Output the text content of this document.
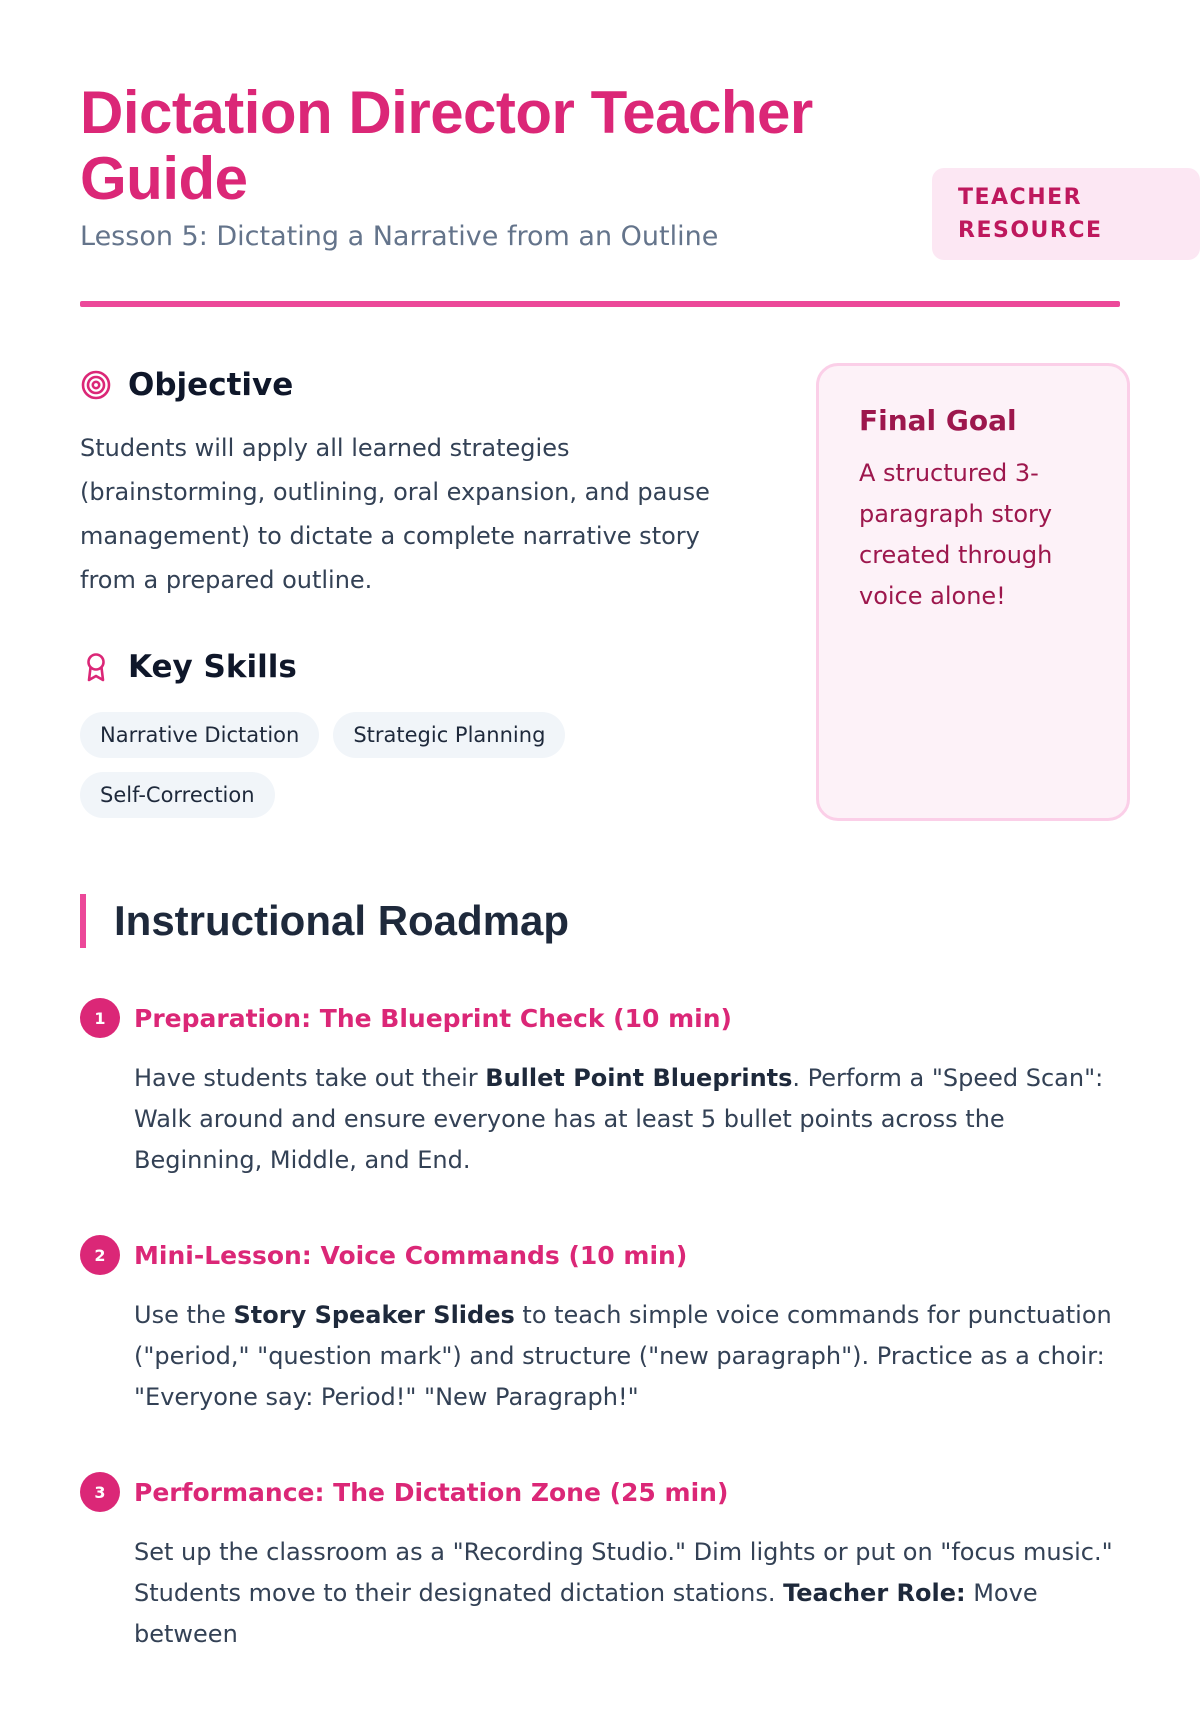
Dictation Director Teacher Guide
Lesson 5: Dictating a Narrative from an Outline
TEACHER
RESOURCE
Objective

Students will apply all learned strategies (brainstorming, outlining, oral expansion, and pause management) to dictate a complete narrative story from a prepared outline.

Key Skills
Narrative Dictation	Strategic Planning
Self-Correction
Final Goal

A structured 3-paragraph story created through voice alone!

Instructional Roadmap
1	Preparation: The Blueprint Check (10 min)
Have students take out their Bullet Point Blueprints. Perform a "Speed Scan": Walk around and ensure everyone has at least 5 bullet points across the Beginning, Middle, and End.
2	Mini-Lesson: Voice Commands (10 min)
Use the Story Speaker Slides to teach simple voice commands for punctuation ("period," "question mark") and structure ("new paragraph"). Practice as a choir: "Everyone say: Period!" "New Paragraph!"
3	Performance: The Dictation Zone (25 min)
Set up the classroom as a "Recording Studio." Dim lights or put on "focus music." Students move to their designated dictation stations. Teacher Role: Move between
